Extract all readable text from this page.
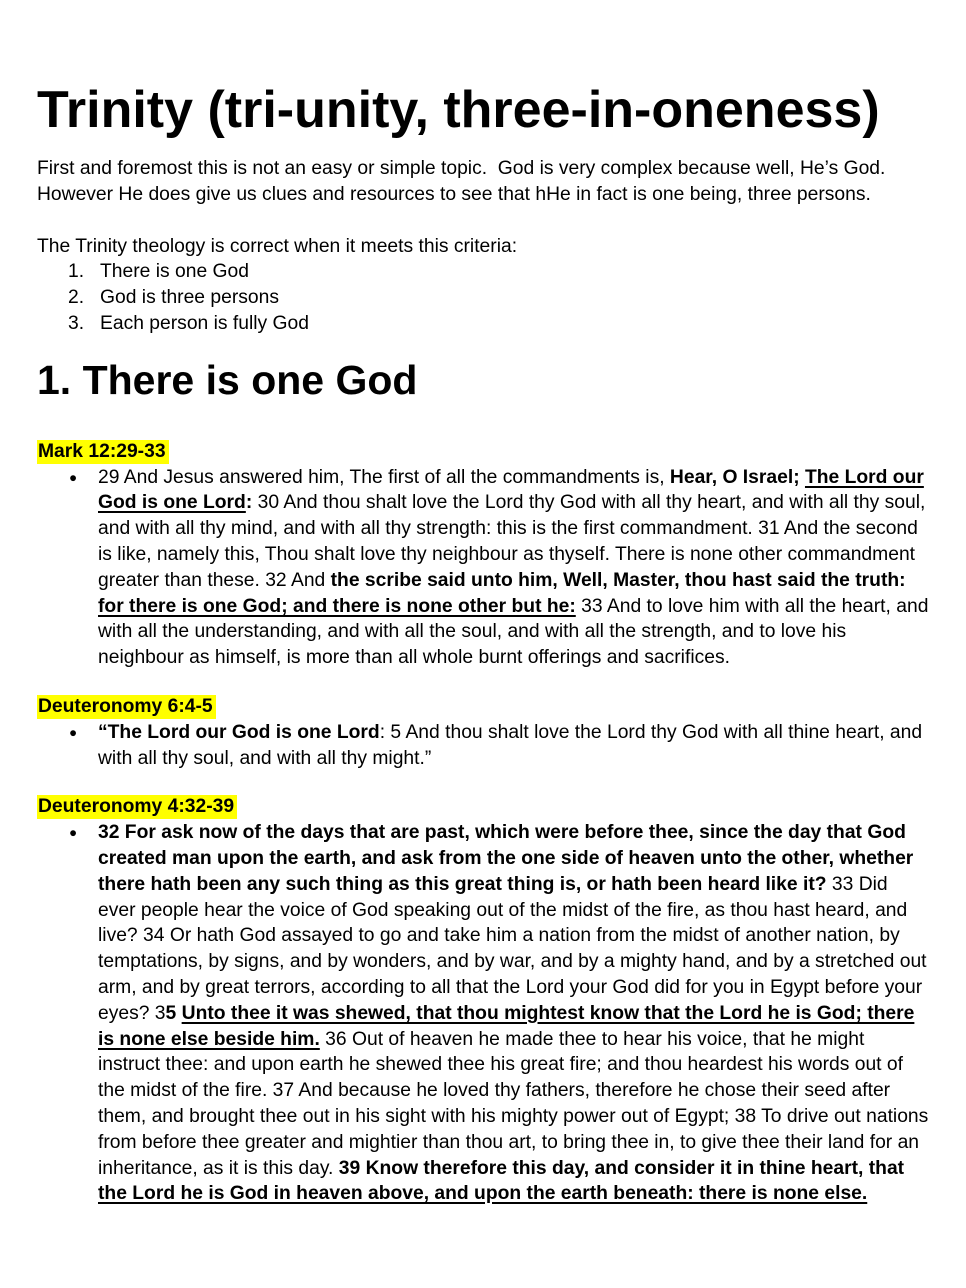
Trinity (tri-unity, three-in-oneness)

First and foremost this is not an easy or simple topic.  God is very complex because well, He’s God. However He does give us clues and resources to see that hHe in fact is one being, three persons.

The Trinity theology is correct when it meets this criteria:

1. There is one God
2. God is three persons
3. Each person is fully God
1. There is one God
Mark 12:29-33
● 29 And Jesus answered him, The first of all the commandments is, Hear, O Israel; The Lord our God is one Lord: 30 And thou shalt love the Lord thy God with all thy heart, and with all thy soul, and with all thy mind, and with all thy strength: this is the first commandment. 31 And the second is like, namely this, Thou shalt love thy neighbour as thyself. There is none other commandment greater than these. 32 And the scribe said unto him, Well, Master, thou hast said the truth: for there is one God; and there is none other but he: 33 And to love him with all the heart, and with all the understanding, and with all the soul, and with all the strength, and to love his neighbour as himself, is more than all whole burnt offerings and sacrifices.
Deuteronomy 6:4-5
● “The Lord our God is one Lord: 5 And thou shalt love the Lord thy God with all thine heart, and with all thy soul, and with all thy might.”
Deuteronomy 4:32-39
● 32 For ask now of the days that are past, which were before thee, since the day that God created man upon the earth, and ask from the one side of heaven unto the other, whether there hath been any such thing as this great thing is, or hath been heard like it? 33 Did ever people hear the voice of God speaking out of the midst of the fire, as thou hast heard, and live? 34 Or hath God assayed to go and take him a nation from the midst of another nation, by temptations, by signs, and by wonders, and by war, and by a mighty hand, and by a stretched out arm, and by great terrors, according to all that the Lord your God did for you in Egypt before your eyes? 35 Unto thee it was shewed, that thou mightest know that the Lord he is God; there is none else beside him. 36 Out of heaven he made thee to hear his voice, that he might instruct thee: and upon earth he shewed thee his great fire; and thou heardest his words out of the midst of the fire. 37 And because he loved thy fathers, therefore he chose their seed after them, and brought thee out in his sight with his mighty power out of Egypt; 38 To drive out nations from before thee greater and mightier than thou art, to bring thee in, to give thee their land for an inheritance, as it is this day. 39 Know therefore this day, and consider it in thine heart, that the Lord he is God in heaven above, and upon the earth beneath: there is none else.
